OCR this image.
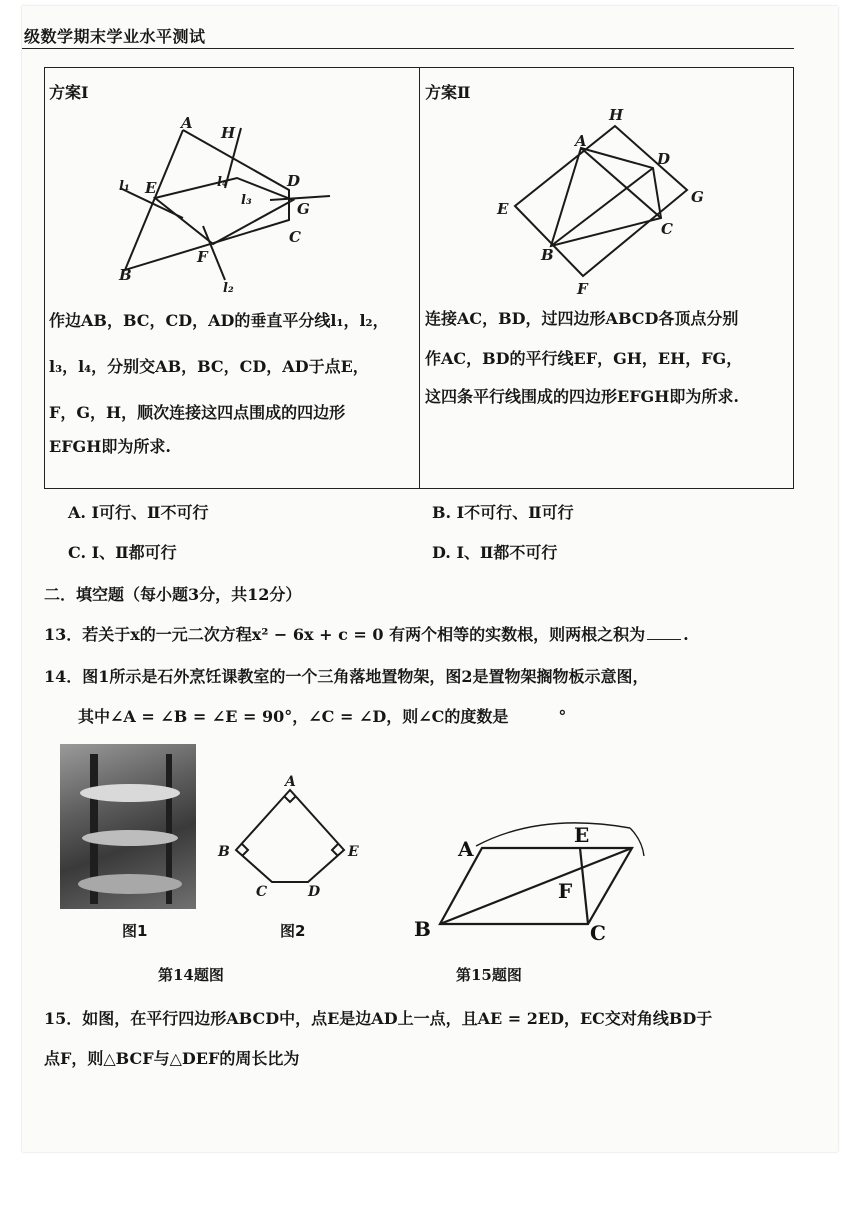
级数学期末学业水平测试
方案Ⅰ
A
H
D
E
G
C
F
B
l₁
l₂
l₃
l₄

作边AB，BC，CD，AD的垂直平分线l₁，l₂，

l₃，l₄，分别交AB，BC，CD，AD于点E，

F，G，H，顺次连接这四点围成的四边形

EFGH即为所求.

方案Ⅱ
H
A
D
G
E
C
B
F

连接AC，BD，过四边形ABCD各顶点分别

作AC，BD的平行线EF，GH，EH，FG，

这四条平行线围成的四边形EFGH即为所求.

A. Ⅰ可行、Ⅱ不可行	B. Ⅰ不可行、Ⅱ可行
C. Ⅰ、Ⅱ都可行	D. Ⅰ、Ⅱ都不可行
二．填空题（每小题3分，共12分）
13．若关于x的一元二次方程x² − 6x + c = 0 有两个相等的实数根，则两根之积为 .
14．图1所示是石外烹饪课教室的一个三角落地置物架，图2是置物架搁物板示意图，
其中∠A = ∠B = ∠E = 90°，∠C = ∠D，则∠C的度数是	°
A
B	E
C	D
图1	图2
A
E
F
B	C
第14题图	第15题图
15．如图，在平行四边形ABCD中，点E是边AD上一点，且AE = 2ED，EC交对角线BD于
点F，则△BCF与△DEF的周长比为
